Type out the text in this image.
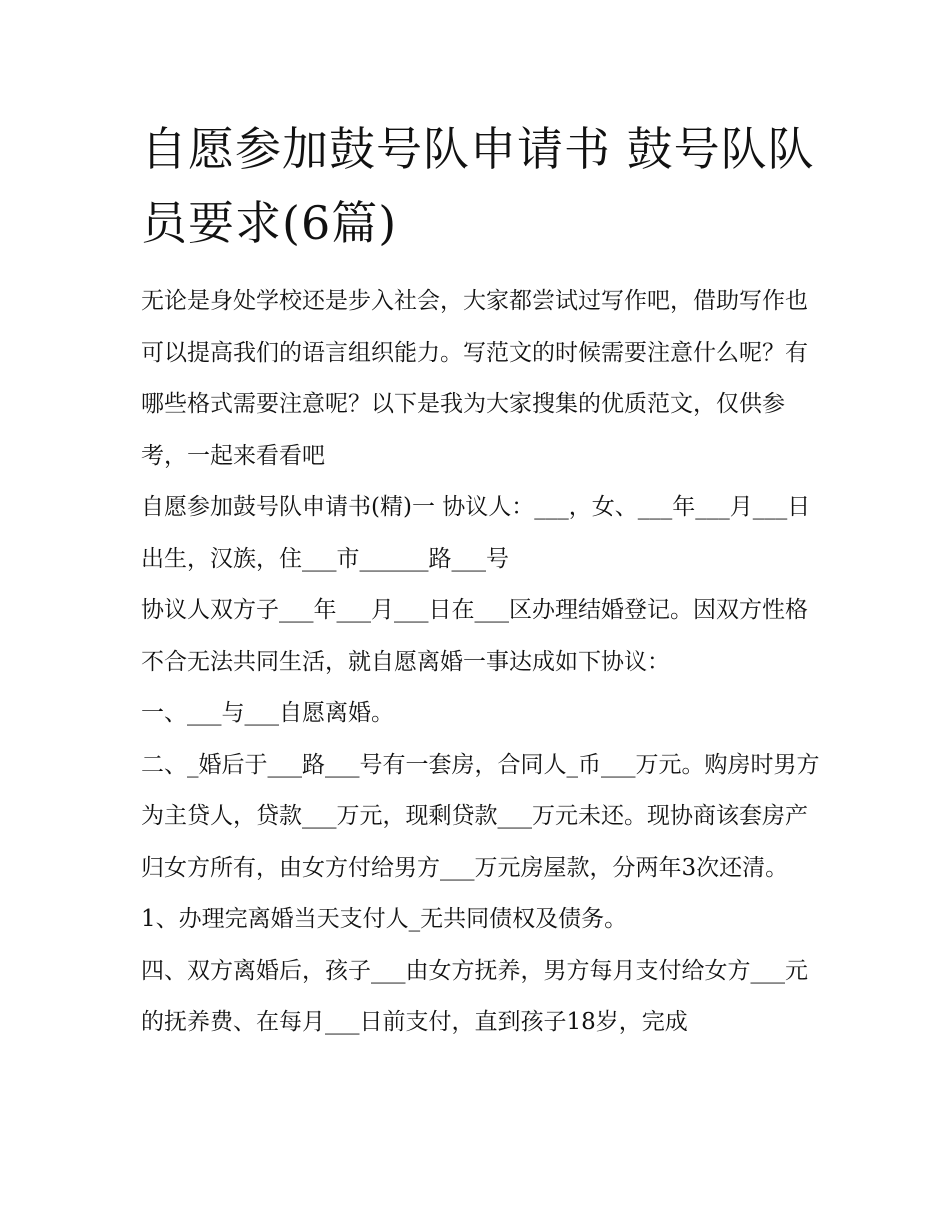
自愿参加鼓号队申请书 鼓号队队员要求(6篇)

无论是身处学校还是步入社会，大家都尝试过写作吧，借助写作也可以提高我们的语言组织能力。写范文的时候需要注意什么呢？有哪些格式需要注意呢？以下是我为大家搜集的优质范文，仅供参考，一起来看看吧

自愿参加鼓号队申请书(精)一 协议人：___，女、___年___月___日出生，汉族，住___市______路___号

协议人双方子___年___月___日在___区办理结婚登记。因双方性格不合无法共同生活，就自愿离婚一事达成如下协议：

一、___与___自愿离婚。

二、_婚后于___路___号有一套房，合同人_币___万元。购房时男方为主贷人，贷款___万元，现剩贷款___万元未还。现协商该套房产归女方所有，由女方付给男方___万元房屋款，分两年3次还清。

1、办理完离婚当天支付人_无共同债权及债务。

四、双方离婚后，孩子___由女方抚养，男方每月支付给女方___元的抚养费、在每月___日前支付，直到孩子18岁，完成
